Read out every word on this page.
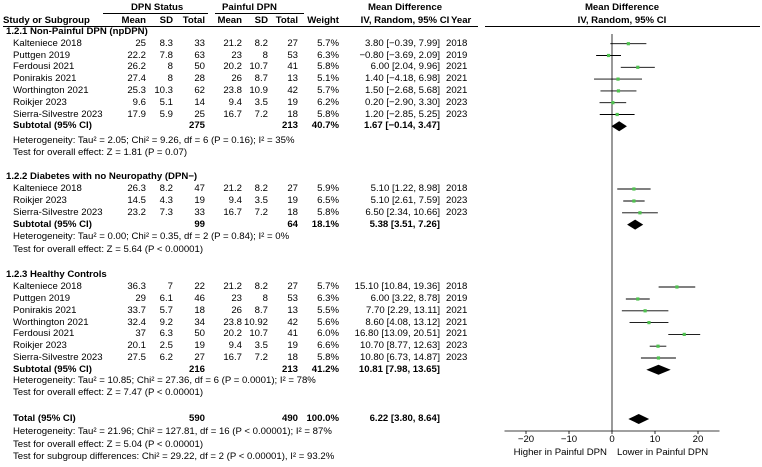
−20	−10	0	10	20
Higher in Painful DPN Lower in Painful DPN
DPN Status	Painful DPN
Study or Subgroup	Mean SD Total Mean SD Total Weight
Mean Difference
IV, Random, 95% CI Year
Mean Difference
IV, Random, 95% CI
1.2.1 Non-Painful DPN (npDPN)
Kalteniece 2018	25 8.3 33 21.2 8.2 27 5.7%	3.80 [−0.39, 7.99] 2018
Puttgen 2019	22.2 7.8 63	23 8 53 6.3% −0.80 [−3.69, 2.09] 2019
Ferdousi 2021	26.2 8 50 20.2 10.7 41 5.8%	6.00 [2.04, 9.96] 2021
Ponirakis 2021	27.4 8 28	26 8.7 13 5.1%	1.40 [−4.18, 6.98] 2021
Worthington 2021	25.3 10.3 62 23.8 10.9 42 5.7%	1.50 [−2.68, 5.68] 2021
Roikjer 2023	9.6 5.1 14 9.4 3.5 19 6.2%	0.20 [−2.90, 3.30] 2023
Sierra-Silvestre 2023	17.9 5.9 25 16.7 7.2 18 5.8%	1.20 [−2.85, 5.25] 2023
Subtotal (95% CI)	275	213 40.7%	1.67 [−0.14, 3.47]
Heterogeneity: Tau² = 2.05; Chi² = 9.26, df = 6 (P = 0.16); I² = 35%
Test for overall effect: Z = 1.81 (P = 0.07)
1.2.2 Diabetes with no Neuropathy (DPN−)
Kalteniece 2018	26.3 8.2 47 21.2 8.2 27 5.9%	5.10 [1.22, 8.98] 2018
Roikjer 2023	14.5 4.3 19 9.4 3.5 19 6.5%	5.10 [2.61, 7.59] 2023
Sierra-Silvestre 2023	23.2 7.3 33 16.7 7.2 18 5.8%	6.50 [2.34, 10.66] 2023
Subtotal (95% CI)	99	64 18.1%	5.38 [3.51, 7.26]
Heterogeneity: Tau² = 0.00; Chi² = 0.35, df = 2 (P = 0.84); I² = 0%
Test for overall effect: Z = 5.64 (P < 0.00001)
1.2.3 Healthy Controls
Kalteniece 2018	36.3 7 22 21.2 8.2 27 5.7% 15.10 [10.84, 19.36] 2018
Puttgen 2019	29 6.1 46	23 8 53 6.3%	6.00 [3.22, 8.78] 2019
Ponirakis 2021	33.7 5.7 18	26 8.7 13 5.5%	7.70 [2.29, 13.11] 2021
Worthington 2021	32.4 9.2 34 23.8 10.92 42 5.6%	8.60 [4.08, 13.12] 2021
Ferdousi 2021	37 6.3 50 20.2 10.7 41 6.0% 16.80 [13.09, 20.51] 2021
Roikjer 2023	20.1 2.5 19 9.4 3.5 19 6.6% 10.70 [8.77, 12.63] 2023
Sierra-Silvestre 2023	27.5 6.2 27 16.7 7.2 18 5.8% 10.80 [6.73, 14.87] 2023
Subtotal (95% CI)	216	213 41.2% 10.81 [7.98, 13.65]
Heterogeneity: Tau² = 10.85; Chi² = 27.36, df = 6 (P = 0.0001); I² = 78%
Test for overall effect: Z = 7.47 (P < 0.00001)
Total (95% CI)	590	490 100.0%	6.22 [3.80, 8.64]
Heterogeneity: Tau² = 21.96; Chi² = 127.81, df = 16 (P < 0.00001); I² = 87%
Test for overall effect: Z = 5.04 (P < 0.00001)
Test for subgroup differences: Chi² = 29.22, df = 2 (P < 0.00001), I² = 93.2%
